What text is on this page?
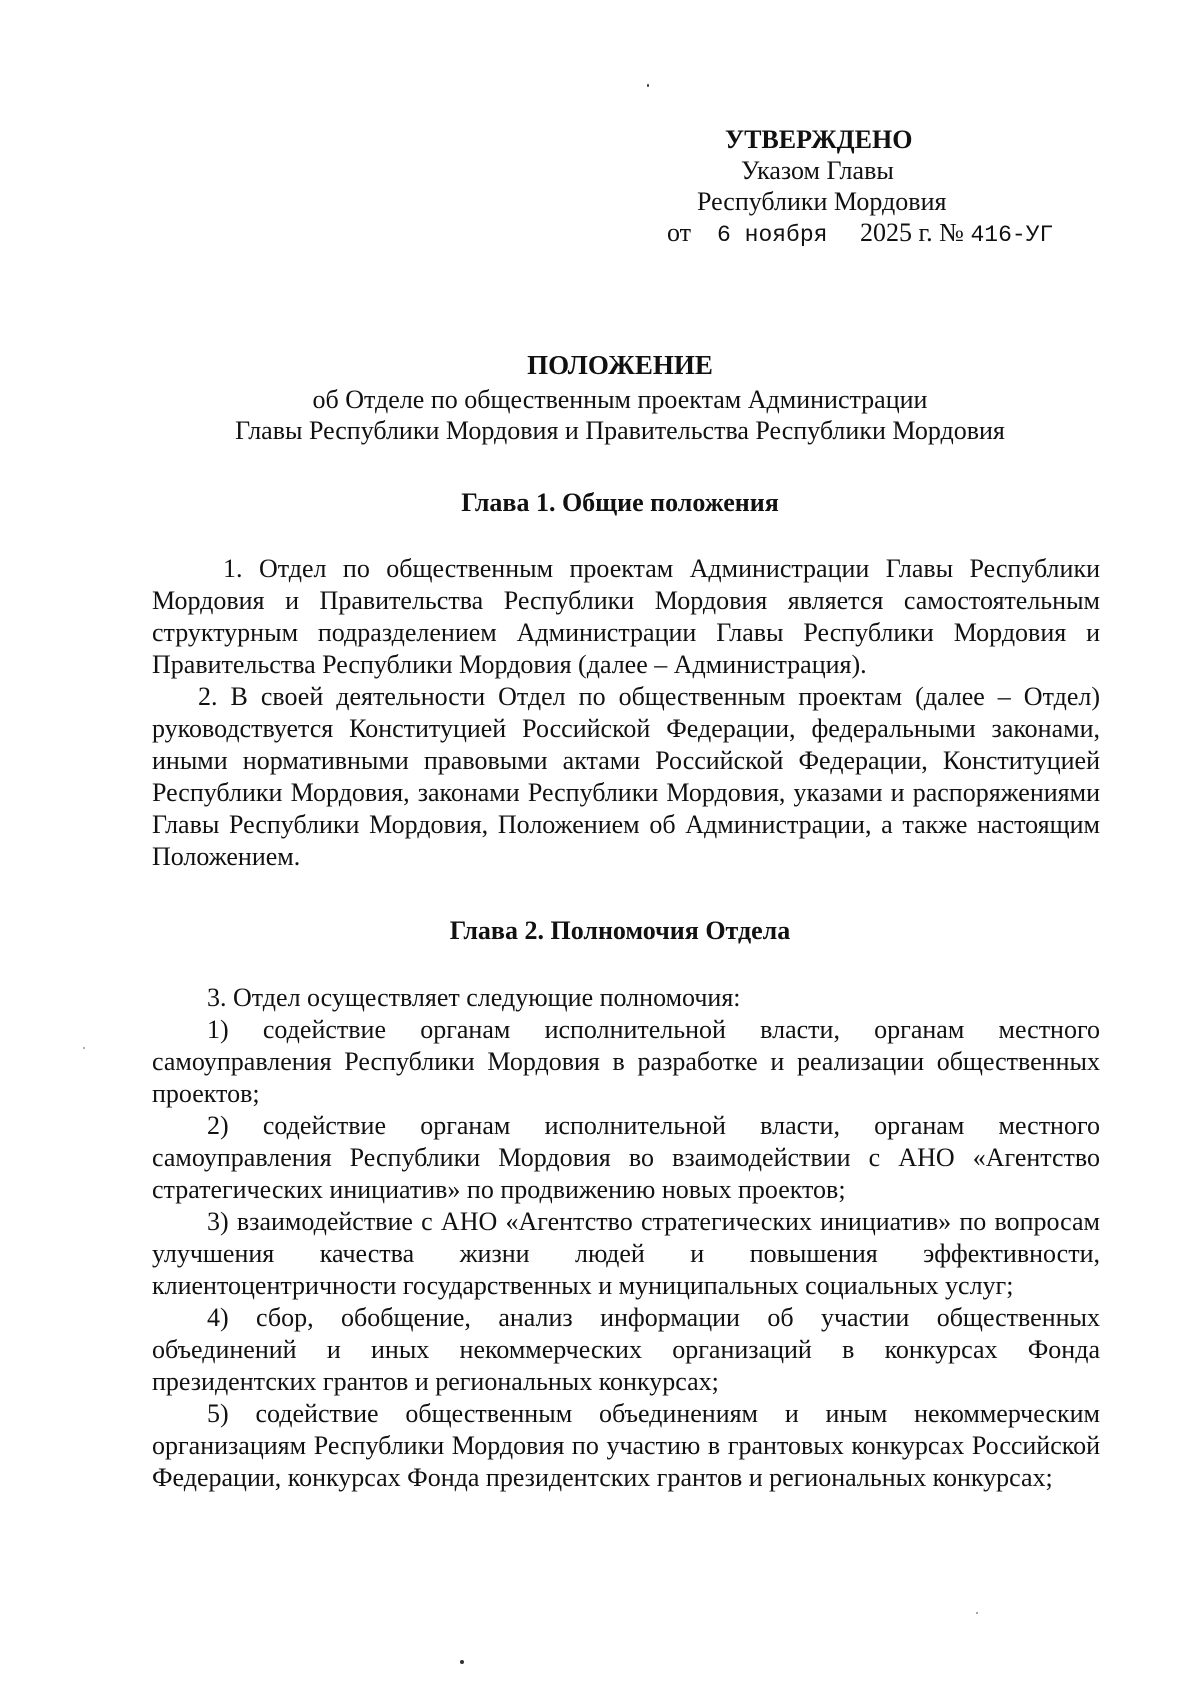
УТВЕРЖДЕНО
Указом Главы
Республики Мордовия
от 6 ноября 2025 г. № 416-УГ
ПОЛОЖЕНИЕ
об Отделе по общественным проектам Администрации
Главы Республики Мордовия и Правительства Республики Мордовия
Глава 1. Общие положения

1. Отдел по общественным проектам Администрации Главы Республики Мордовия и Правительства Республики Мордовия является самостоятельным структурным подразделением Администрации Главы Республики Мордовия и Правительства Республики Мордовия (далее – Администрация).

2. В своей деятельности Отдел по общественным проектам (далее – Отдел) руководствуется Конституцией Российской Федерации, федеральными законами, иными нормативными правовыми актами Российской Федерации, Конституцией Республики Мордовия, законами Республики Мордовия, указами и распоряжениями Главы Республики Мордовия, Положением об Администрации, а также настоящим Положением.

Глава 2. Полномочия Отдела

3. Отдел осуществляет следующие полномочия:

1) содействие органам исполнительной власти, органам местного самоуправления Республики Мордовия в разработке и реализации общественных проектов;

2) содействие органам исполнительной власти, органам местного самоуправления Республики Мордовия во взаимодействии с АНО «Агентство стратегических инициатив» по продвижению новых проектов;

3) взаимодействие с АНО «Агентство стратегических инициатив» по вопросам улучшения качества жизни людей и повышения эффективности, клиентоцентричности государственных и муниципальных социальных услуг;

4) сбор, обобщение, анализ информации об участии общественных объединений и иных некоммерческих организаций в конкурсах Фонда президентских грантов и региональных конкурсах;

5) содействие общественным объединениям и иным некоммерческим организациям Республики Мордовия по участию в грантовых конкурсах Российской Федерации, конкурсах Фонда президентских грантов и региональных конкурсах;
